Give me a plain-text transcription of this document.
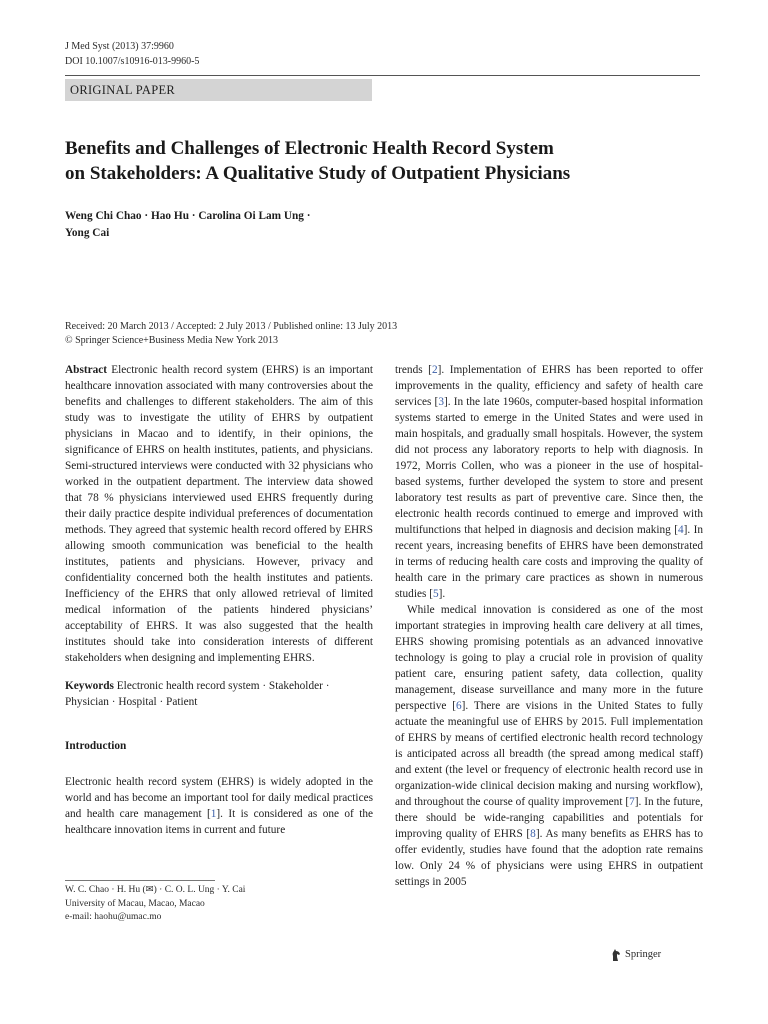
J Med Syst (2013) 37:9960
DOI 10.1007/s10916-013-9960-5
ORIGINAL PAPER
Benefits and Challenges of Electronic Health Record System
on Stakeholders: A Qualitative Study of Outpatient Physicians
Weng Chi Chao · Hao Hu · Carolina Oi Lam Ung ·
Yong Cai
Received: 20 March 2013 / Accepted: 2 July 2013 / Published online: 13 July 2013
© Springer Science+Business Media New York 2013

Abstract Electronic health record system (EHRS) is an important healthcare innovation associated with many controversies about the benefits and challenges to different stakeholders. The aim of this study was to investigate the utility of EHRS by outpatient physicians in Macao and to identify, in their opinions, the significance of EHRS on health institutes, patients, and physicians. Semi-structured interviews were conducted with 32 physicians who worked in the outpatient department. The interview data showed that 78 % physicians interviewed used EHRS frequently during their daily practice despite individual preferences of documentation methods. They agreed that systemic health record offered by EHRS allowing smooth communication was beneficial to the health institutes, patients and physicians. However, privacy and confidentiality concerned both the health institutes and patients. Inefficiency of the EHRS that only allowed retrieval of limited medical information of the patients hindered physicians’ acceptability of EHRS. It was also suggested that the health institutes should take into consideration interests of different stakeholders when designing and implementing EHRS.

Keywords Electronic health record system · Stakeholder · Physician · Hospital · Patient

Introduction

Electronic health record system (EHRS) is widely adopted in the world and has become an important tool for daily medical practices and health care management [1]. It is considered as one of the healthcare innovation items in current and future

trends [2]. Implementation of EHRS has been reported to offer improvements in the quality, efficiency and safety of health care services [3]. In the late 1960s, computer-based hospital information systems started to emerge in the United States and were used in main hospitals, and gradually small hospitals. However, the system did not process any laboratory reports to help with diagnosis. In 1972, Morris Collen, who was a pioneer in the use of hospital-based systems, further developed the system to store and present laboratory test results as part of preventive care. Since then, the electronic health records continued to emerge and improved with multifunctions that helped in diagnosis and decision making [4]. In recent years, increasing benefits of EHRS have been demonstrated in terms of reducing health care costs and improving the quality of health care in the primary care practices as shown in numerous studies [5].

While medical innovation is considered as one of the most important strategies in improving health care delivery at all times, EHRS showing promising potentials as an advanced innovative technology is going to play a crucial role in provision of quality patient care, ensuring patient safety, data collection, quality management, disease surveillance and many more in the future perspective [6]. There are visions in the United States to fully actuate the meaningful use of EHRS by 2015. Full implementation of EHRS by means of certified electronic health record technology is anticipated across all breadth (the spread among medical staff) and extent (the level or frequency of electronic health record use in organization-wide clinical decision making and nursing workflow), and throughout the course of quality improvement [7]. In the future, there should be wide-ranging capabilities and potentials for improving quality of EHRS [8]. As many benefits as EHRS has to offer evidently, studies have found that the adoption rate remains low. Only 24 % of physicians were using EHRS in outpatient settings in 2005

W. C. Chao · H. Hu (✉) · C. O. L. Ung · Y. Cai
University of Macau, Macao, Macao
e-mail: haohu@umac.mo
Springer
